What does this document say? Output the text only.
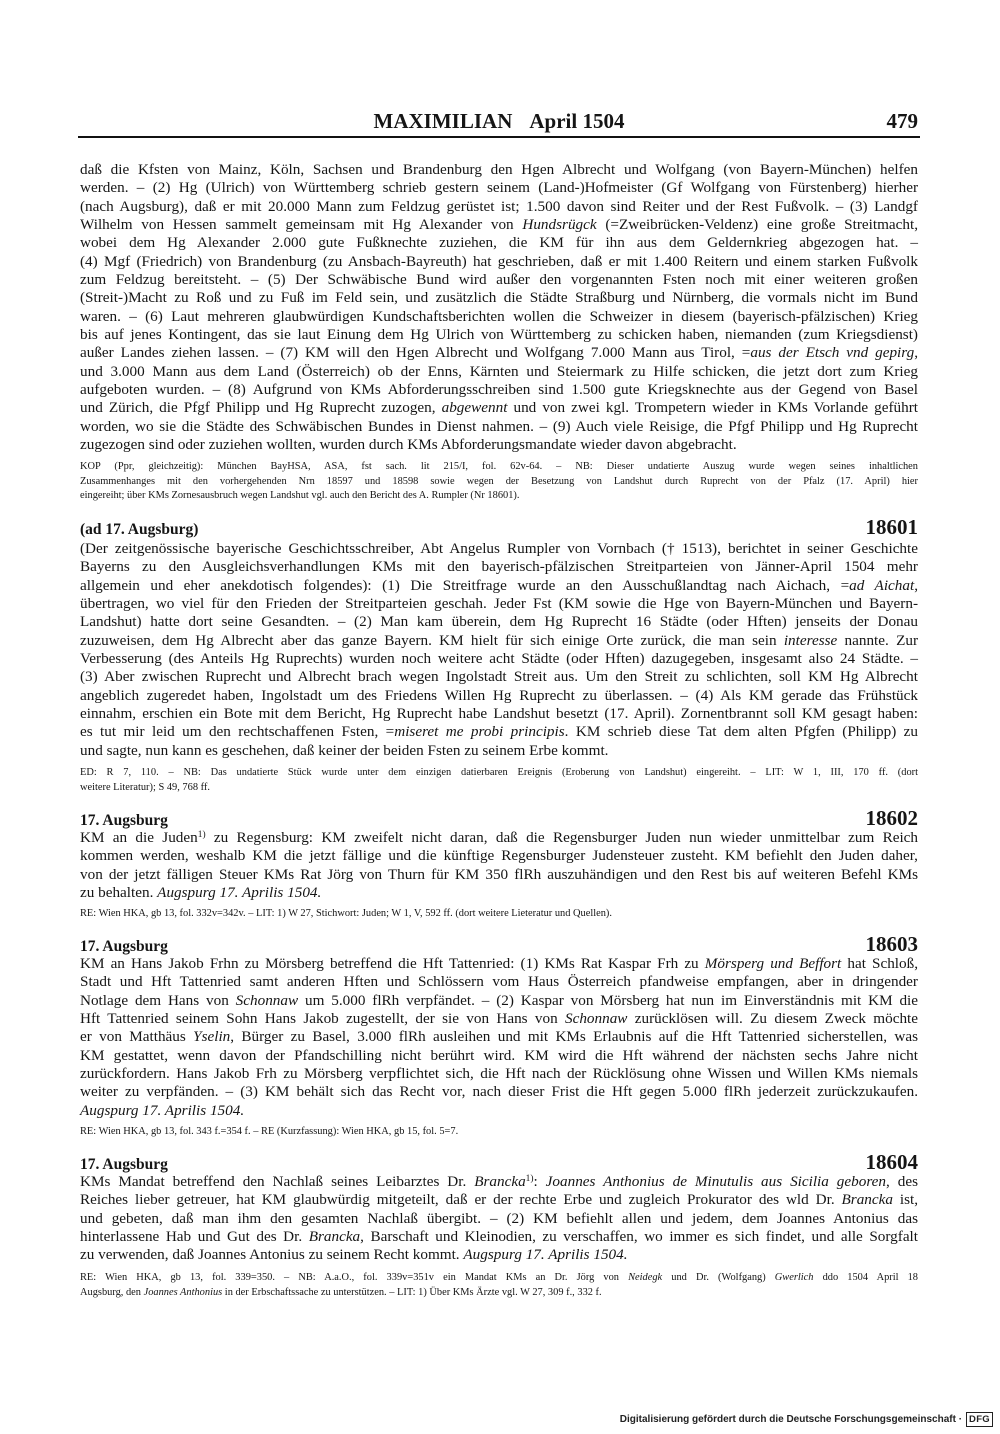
MAXIMILIAN April 1504	479
daß die Kfsten von Mainz, Köln, Sachsen und Brandenburg den Hgen Albrecht und Wolfgang (von Bayern-München) helfen
werden. – (2) Hg (Ulrich) von Württemberg schrieb gestern seinem (Land-)Hofmeister (Gf Wolfgang von Fürstenberg) hierher
(nach Augsburg), daß er mit 20.000 Mann zum Feldzug gerüstet ist; 1.500 davon sind Reiter und der Rest Fußvolk. – (3) Landgf
Wilhelm von Hessen sammelt gemeinsam mit Hg Alexander von Hundsrügck (=Zweibrücken-Veldenz) eine große Streitmacht,
wobei dem Hg Alexander 2.000 gute Fußknechte zuziehen, die KM für ihn aus dem Geldernkrieg abgezogen hat. –
(4) Mgf (Friedrich) von Brandenburg (zu Ansbach-Bayreuth) hat geschrieben, daß er mit 1.400 Reitern und einem starken Fußvolk
zum Feldzug bereitsteht. – (5) Der Schwäbische Bund wird außer den vorgenannten Fsten noch mit einer weiteren großen
(Streit-)Macht zu Roß und zu Fuß im Feld sein, und zusätzlich die Städte Straßburg und Nürnberg, die vormals nicht im Bund
waren. – (6) Laut mehreren glaubwürdigen Kundschaftsberichten wollen die Schweizer in diesem (bayerisch-pfälzischen) Krieg
bis auf jenes Kontingent, das sie laut Einung dem Hg Ulrich von Württemberg zu schicken haben, niemanden (zum Kriegsdienst)
außer Landes ziehen lassen. – (7) KM will den Hgen Albrecht und Wolfgang 7.000 Mann aus Tirol, =aus der Etsch vnd gepirg,
und 3.000 Mann aus dem Land (Österreich) ob der Enns, Kärnten und Steiermark zu Hilfe schicken, die jetzt dort zum Krieg
aufgeboten wurden. – (8) Aufgrund von KMs Abforderungsschreiben sind 1.500 gute Kriegsknechte aus der Gegend von Basel
und Zürich, die Pfgf Philipp und Hg Ruprecht zuzogen, abgewennt und von zwei kgl. Trompetern wieder in KMs Vorlande geführt
worden, wo sie die Städte des Schwäbischen Bundes in Dienst nahmen. – (9) Auch viele Reisige, die Pfgf Philipp und Hg Ruprecht
zugezogen sind oder zuziehen wollten, wurden durch KMs Abforderungsmandate wieder davon abgebracht.
KOP (Ppr, gleichzeitig): München BayHSA, ASA, fst sach. lit 215/I, fol. 62v-64. – NB: Dieser undatierte Auszug wurde wegen seines inhaltlichen
Zusammenhanges mit den vorhergehenden Nrn 18597 und 18598 sowie wegen der Besetzung von Landshut durch Ruprecht von der Pfalz (17. April) hier
eingereiht; über KMs Zornesausbruch wegen Landshut vgl. auch den Bericht des A. Rumpler (Nr 18601).
(ad 17. Augsburg)	18601
(Der zeitgenössische bayerische Geschichtsschreiber, Abt Angelus Rumpler von Vornbach († 1513), berichtet in seiner Geschichte
Bayerns zu den Ausgleichsverhandlungen KMs mit den bayerisch-pfälzischen Streitparteien von Jänner-April 1504 mehr
allgemein und eher anekdotisch folgendes): (1) Die Streitfrage wurde an den Ausschußlandtag nach Aichach, =ad Aichat,
übertragen, wo viel für den Frieden der Streitparteien geschah. Jeder Fst (KM sowie die Hge von Bayern-München und Bayern-
Landshut) hatte dort seine Gesandten. – (2) Man kam überein, dem Hg Ruprecht 16 Städte (oder Hften) jenseits der Donau
zuzuweisen, dem Hg Albrecht aber das ganze Bayern. KM hielt für sich einige Orte zurück, die man sein interesse nannte. Zur
Verbesserung (des Anteils Hg Ruprechts) wurden noch weitere acht Städte (oder Hften) dazugegeben, insgesamt also 24 Städte. –
(3) Aber zwischen Ruprecht und Albrecht brach wegen Ingolstadt Streit aus. Um den Streit zu schlichten, soll KM Hg Albrecht
angeblich zugeredet haben, Ingolstadt um des Friedens Willen Hg Ruprecht zu überlassen. – (4) Als KM gerade das Frühstück
einnahm, erschien ein Bote mit dem Bericht, Hg Ruprecht habe Landshut besetzt (17. April). Zornentbrannt soll KM gesagt haben:
es tut mir leid um den rechtschaffenen Fsten, =miseret me probi principis. KM schrieb diese Tat dem alten Pfgfen (Philipp) zu
und sagte, nun kann es geschehen, daß keiner der beiden Fsten zu seinem Erbe kommt.
ED: R 7, 110. – NB: Das undatierte Stück wurde unter dem einzigen datierbaren Ereignis (Eroberung von Landshut) eingereiht. – LIT: W 1, III, 170 ff. (dort
weitere Literatur); S 49, 768 ff.
17. Augsburg	18602
KM an die Juden$^{1)}$ zu Regensburg: KM zweifelt nicht daran, daß die Regensburger Juden nun wieder unmittelbar zum Reich
kommen werden, weshalb KM die jetzt fällige und die künftige Regensburger Judensteuer zusteht. KM befiehlt den Juden daher,
von der jetzt fälligen Steuer KMs Rat Jörg von Thurn für KM 350 flRh auszuhändigen und den Rest bis auf weiteren Befehl KMs
zu behalten. Augspurg 17. Aprilis 1504.
RE: Wien HKA, gb 13, fol. 332v=342v. – LIT: 1) W 27, Stichwort: Juden; W 1, V, 592 ff. (dort weitere Lieteratur und Quellen).
17. Augsburg	18603
KM an Hans Jakob Frhn zu Mörsberg betreffend die Hft Tattenried: (1) KMs Rat Kaspar Frh zu Mörsperg und Beffort hat Schloß,
Stadt und Hft Tattenried samt anderen Hften und Schlössern vom Haus Österreich pfandweise empfangen, aber in dringender
Notlage dem Hans von Schonnaw um 5.000 flRh verpfändet. – (2) Kaspar von Mörsberg hat nun im Einverständnis mit KM die
Hft Tattenried seinem Sohn Hans Jakob zugestellt, der sie von Hans von Schonnaw zurücklösen will. Zu diesem Zweck möchte
er von Matthäus Yselin, Bürger zu Basel, 3.000 flRh ausleihen und mit KMs Erlaubnis auf die Hft Tattenried sicherstellen, was
KM gestattet, wenn davon der Pfandschilling nicht berührt wird. KM wird die Hft während der nächsten sechs Jahre nicht
zurückfordern. Hans Jakob Frh zu Mörsberg verpflichtet sich, die Hft nach der Rücklösung ohne Wissen und Willen KMs niemals
weiter zu verpfänden. – (3) KM behält sich das Recht vor, nach dieser Frist die Hft gegen 5.000 flRh jederzeit zurückzukaufen.
Augspurg 17. Aprilis 1504.
RE: Wien HKA, gb 13, fol. 343 f.=354 f. – RE (Kurzfassung): Wien HKA, gb 15, fol. 5=7.
17. Augsburg	18604
KMs Mandat betreffend den Nachlaß seines Leibarztes Dr. Brancka$^{1)}$: Joannes Anthonius de Minutulis aus Sicilia geboren, des
Reiches lieber getreuer, hat KM glaubwürdig mitgeteilt, daß er der rechte Erbe und zugleich Prokurator des wld Dr. Brancka ist,
und gebeten, daß man ihm den gesamten Nachlaß übergibt. – (2) KM befiehlt allen und jedem, dem Joannes Antonius das
hinterlassene Hab und Gut des Dr. Brancka, Barschaft und Kleinodien, zu verschaffen, wo immer es sich findet, und alle Sorgfalt
zu verwenden, daß Joannes Antonius zu seinem Recht kommt. Augspurg 17. Aprilis 1504.
RE: Wien HKA, gb 13, fol. 339=350. – NB: A.a.O., fol. 339v=351v ein Mandat KMs an Dr. Jörg von Neidegk und Dr. (Wolfgang) Gwerlich ddo 1504 April 18
Augsburg, den Joannes Anthonius in der Erbschaftssache zu unterstützen. – LIT: 1) Über KMs Ärzte vgl. W 27, 309 f., 332 f.
Digitalisierung gefördert durch die Deutsche Forschungsgemeinschaft · DFG
